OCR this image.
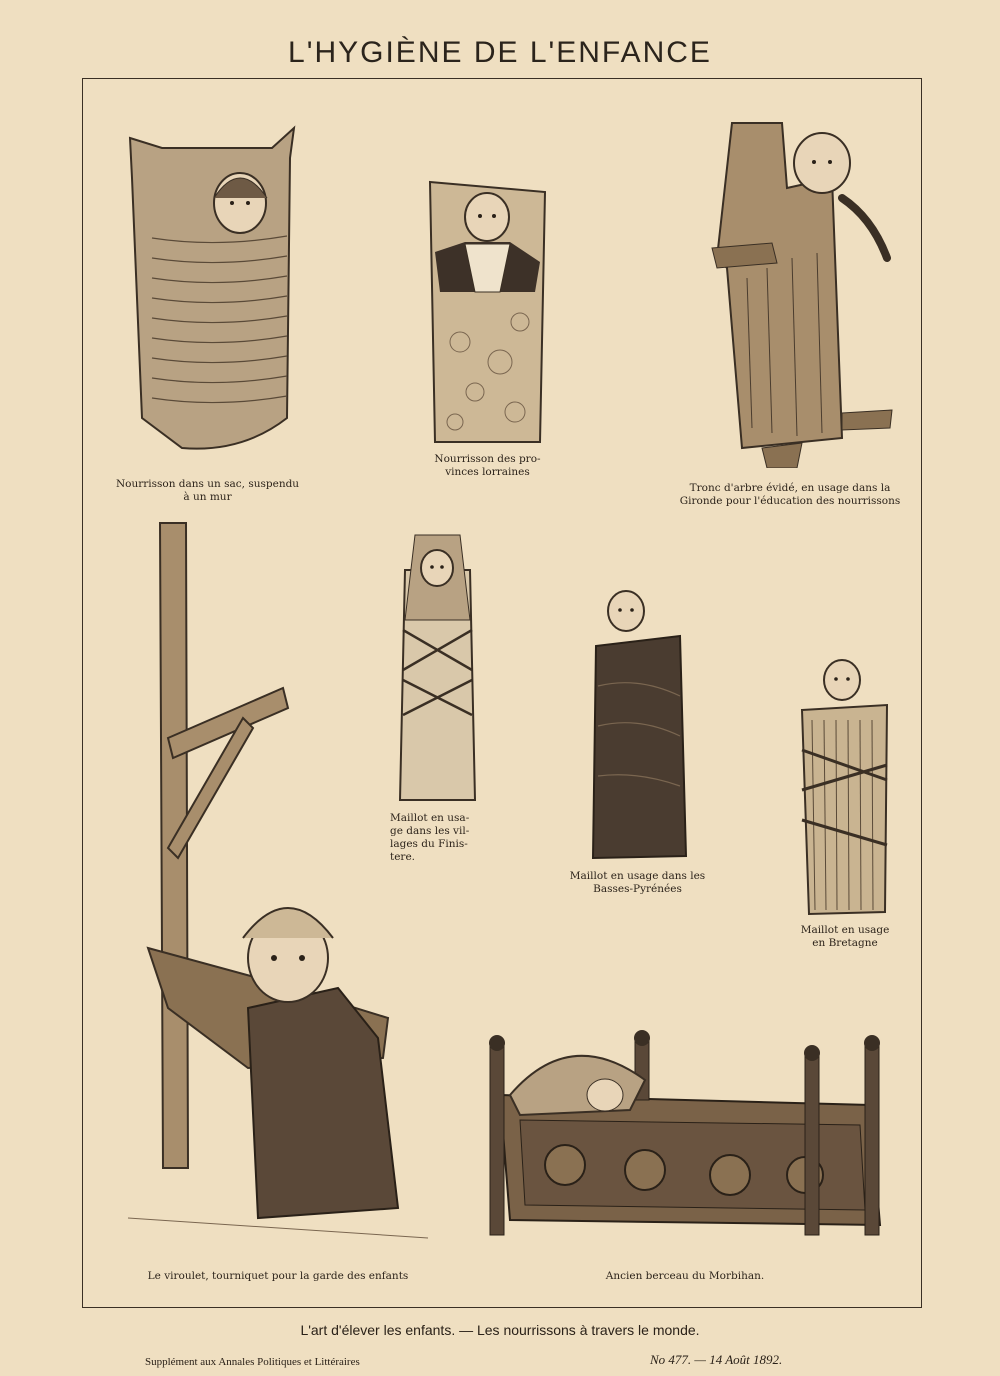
L'HYGIÈNE DE L'ENFANCE
Nourrisson dans un sac, suspendu
à un mur
Nourrisson des pro-
vinces lorraines
Tronc d'arbre évidé, en usage dans la
Gironde pour l'éducation des nourrissons
Maillot en usa-
ge dans les vil-
lages du Finis-
tere.
Maillot en usage dans les
Basses-Pyrénées
Maillot en usage
en Bretagne
Le viroulet, tourniquet pour la garde des enfants	Ancien berceau du Morbihan.
L'art d'élever les enfants. — Les nourrissons à travers le monde.
Supplément aux Annales Politiques et Littéraires	No 477. — 14 Août 1892.
